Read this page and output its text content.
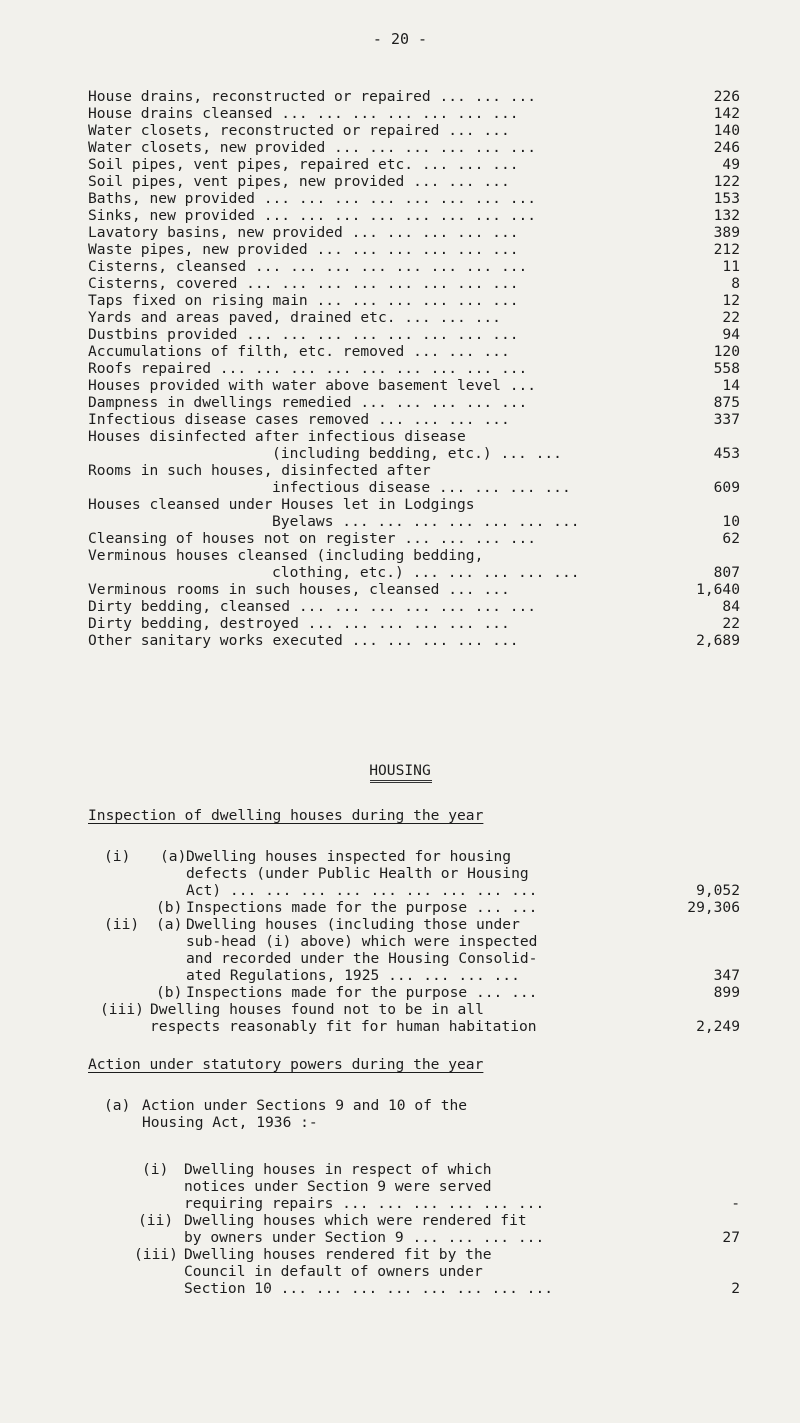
- 20 -
House drains, reconstructed or repaired ... ... ...	226
House drains cleansed ... ... ... ... ... ... ...	142
Water closets, reconstructed or repaired ... ...	140
Water closets, new provided ... ... ... ... ... ...	246
Soil pipes, vent pipes, repaired etc. ... ... ...	49
Soil pipes, vent pipes, new provided ... ... ...	122
Baths, new provided ... ... ... ... ... ... ... ...	153
Sinks, new provided ... ... ... ... ... ... ... ...	132
Lavatory basins, new provided ... ... ... ... ...	389
Waste pipes, new provided ... ... ... ... ... ...	212
Cisterns, cleansed ... ... ... ... ... ... ... ...	11
Cisterns, covered ... ... ... ... ... ... ... ...	8
Taps fixed on rising main ... ... ... ... ... ...	12
Yards and areas paved, drained etc. ... ... ...	22
Dustbins provided ... ... ... ... ... ... ... ...	94
Accumulations of filth, etc. removed ... ... ...	120
Roofs repaired ... ... ... ... ... ... ... ... ...	558
Houses provided with water above basement level ...	14
Dampness in dwellings remedied ... ... ... ... ...	875
Infectious disease cases removed ... ... ... ...	337
Houses disinfected after infectious disease
(including bedding, etc.) ... ...	453
Rooms in such houses, disinfected after
infectious disease ... ... ... ...	609
Houses cleansed under Houses let in Lodgings
Byelaws ... ... ... ... ... ... ...	10
Cleansing of houses not on register ... ... ... ...	62
Verminous houses cleansed (including bedding,
clothing, etc.) ... ... ... ... ...	807
Verminous rooms in such houses, cleansed ... ...	1,640
Dirty bedding, cleansed ... ... ... ... ... ... ...	84
Dirty bedding, destroyed ... ... ... ... ... ...	22
Other sanitary works executed ... ... ... ... ...	2,689
HOUSING
Inspection of dwelling houses during the year
(i) (a) Dwelling houses inspected for housing
defects (under Public Health or Housing
Act) ... ... ... ... ... ... ... ... ...	9,052
(b) Inspections made for the purpose ... ...	29,306
(ii) (a) Dwelling houses (including those under
sub-head (i) above) which were inspected
and recorded under the Housing Consolid-
ated Regulations, 1925 ... ... ... ...	347
(b) Inspections made for the purpose ... ...	899
(iii) Dwelling houses found not to be in all
respects reasonably fit for human habitation	2,249
Action under statutory powers during the year
(a) Action under Sections 9 and 10 of the
Housing Act, 1936 :-
(i) Dwelling houses in respect of which
notices under Section 9 were served
requiring repairs ... ... ... ... ... ...	-
(ii) Dwelling houses which were rendered fit
by owners under Section 9 ... ... ... ...	27
(iii) Dwelling houses rendered fit by the
Council in default of owners under
Section 10 ... ... ... ... ... ... ... ...	2
